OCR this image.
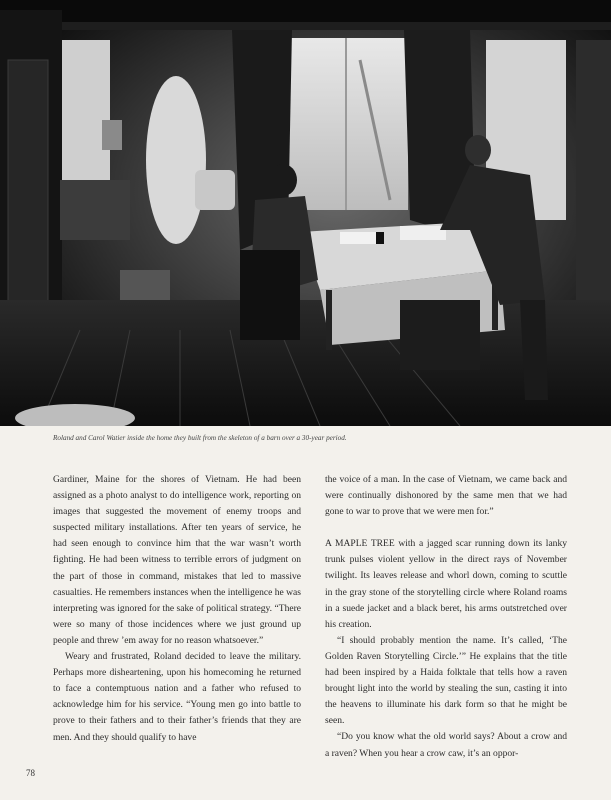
Roland and Carol Watier inside the home they built from the skeleton of a barn over a 30-year period.

Gardiner, Maine for the shores of Vietnam. He had been assigned as a photo analyst to do intelligence work, reporting on images that suggested the movement of enemy troops and suspected military installations. After ten years of service, he had seen enough to convince him that the war wasn’t worth fighting. He had been witness to terrible errors of judgment on the part of those in command, mistakes that led to massive casualties. He remembers instances when the intelligence he was interpreting was ignored for the sake of political strategy. “There were so many of those incidences where we just ground up people and threw ’em away for no reason whatsoever.”

Weary and frustrated, Roland decided to leave the military. Perhaps more disheartening, upon his homecoming he returned to face a contemptuous nation and a father who refused to acknowledge him for his service. “Young men go into battle to prove to their fathers and to their father’s friends that they are men. And they should qualify to have

the voice of a man. In the case of Vietnam, we came back and were continually dishonored by the same men that we had gone to war to prove that we were men for.”

A MAPLE TREE with a jagged scar running down its lanky trunk pulses violent yellow in the direct rays of November twilight. Its leaves release and whorl down, coming to scuttle in the gray stone of the storytelling circle where Roland roams in a suede jacket and a black beret, his arms outstretched over his creation.

“I should probably mention the name. It’s called, ‘The Golden Raven Storytelling Circle.’” He explains that the title had been inspired by a Haida folktale that tells how a raven brought light into the world by stealing the sun, casting it into the heavens to illuminate his dark form so that he might be seen.

“Do you know what the old world says? About a crow and a raven? When you hear a crow caw, it’s an oppor-

78
